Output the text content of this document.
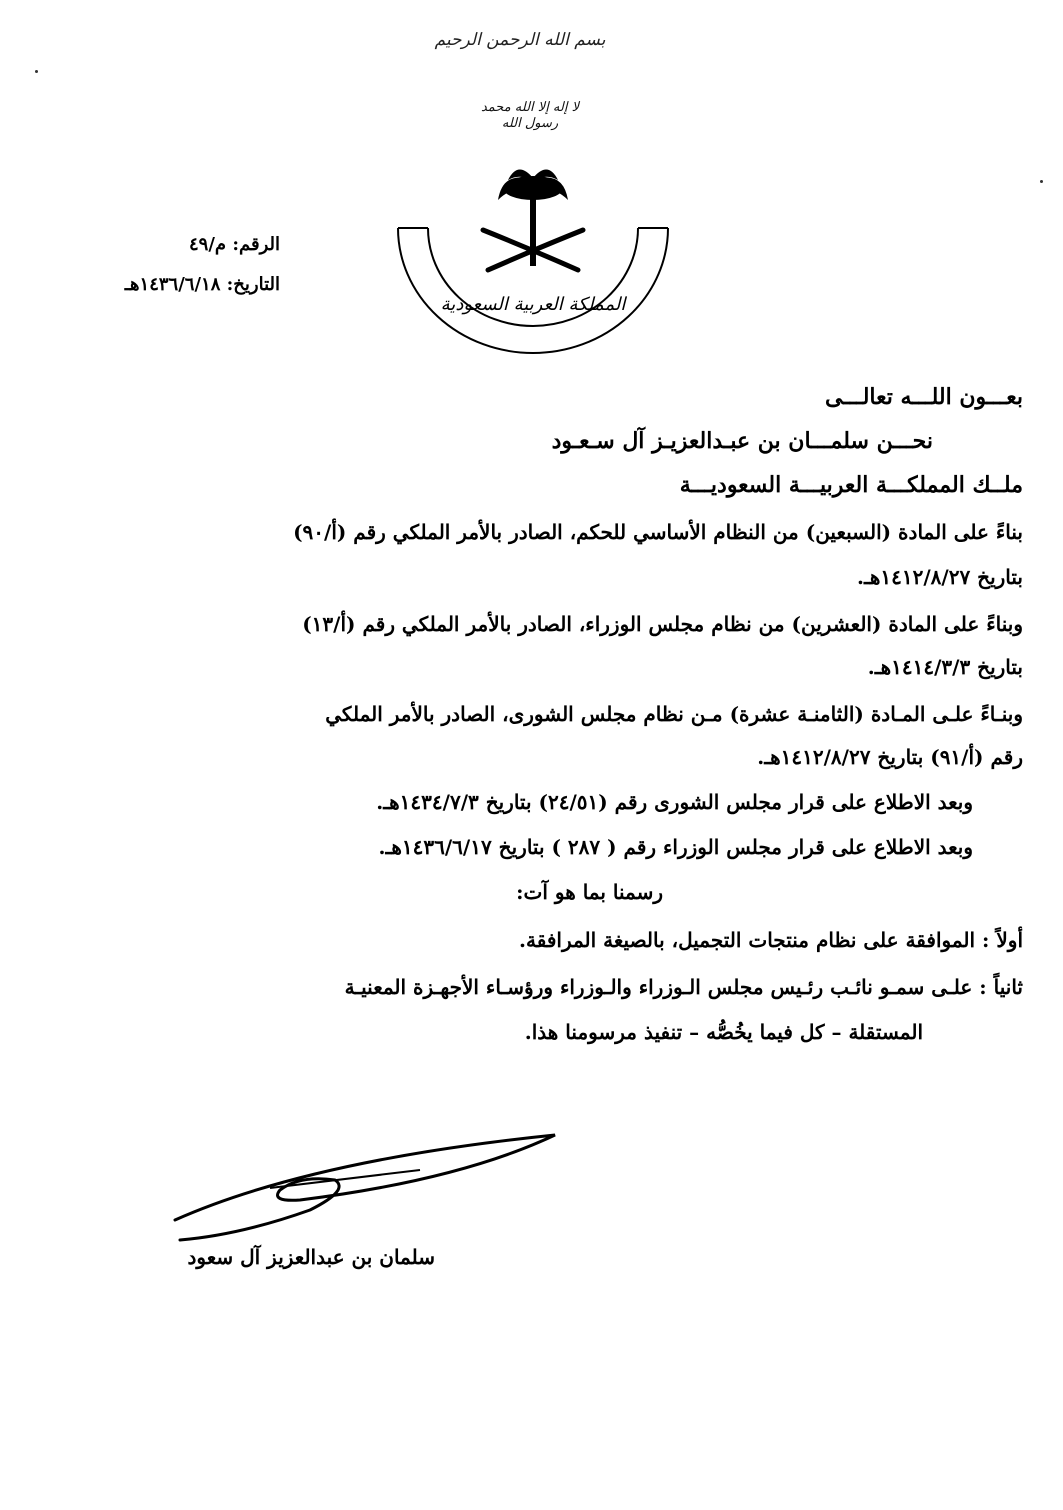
بسم الله الرحمن الرحيم
لا إله إلا الله محمد رسول الله
المملكة العربية السعودية
الرقم: م/٤٩
التاريخ: ١٤٣٦/٦/١٨هـ
بعـــون اللـــه تعالـــى
نحـــن سلمـــان بن عبـدالعزيـز آل سـعـود
ملــك المملكـــة العربيـــة السعوديـــة
بناءً على المادة (السبعين) من النظام الأساسي للحكم، الصادر بالأمر الملكي رقم (أ/٩٠)
بتاريخ ١٤١٢/٨/٢٧هـ.
وبناءً على المادة (العشرين) من نظام مجلس الوزراء، الصادر بالأمر الملكي رقم (أ/١٣)
بتاريخ ١٤١٤/٣/٣هـ.
وبنـاءً علـى المـادة (الثامنـة عشرة) مـن نظام مجلس الشورى، الصادر بالأمر الملكي
رقم (أ/٩١) بتاريخ ١٤١٢/٨/٢٧هـ.
وبعد الاطلاع على قرار مجلس الشورى رقم (٢٤/٥١) بتاريخ ١٤٣٤/٧/٣هـ.
وبعد الاطلاع على قرار مجلس الوزراء رقم ( ٢٨٧ ) بتاريخ ١٤٣٦/٦/١٧هـ.
رسمنا بما هو آت:
أولاً : الموافقة على نظام منتجات التجميل، بالصيغة المرافقة.
ثانياً : علـى سمـو نائـب رئـيس مجلس الـوزراء والـوزراء ورؤسـاء الأجهـزة المعنيـة
المستقلة – كل فيما يخُصُّه – تنفيذ مرسومنا هذا.
سلمان بن عبدالعزيز آل سعود
